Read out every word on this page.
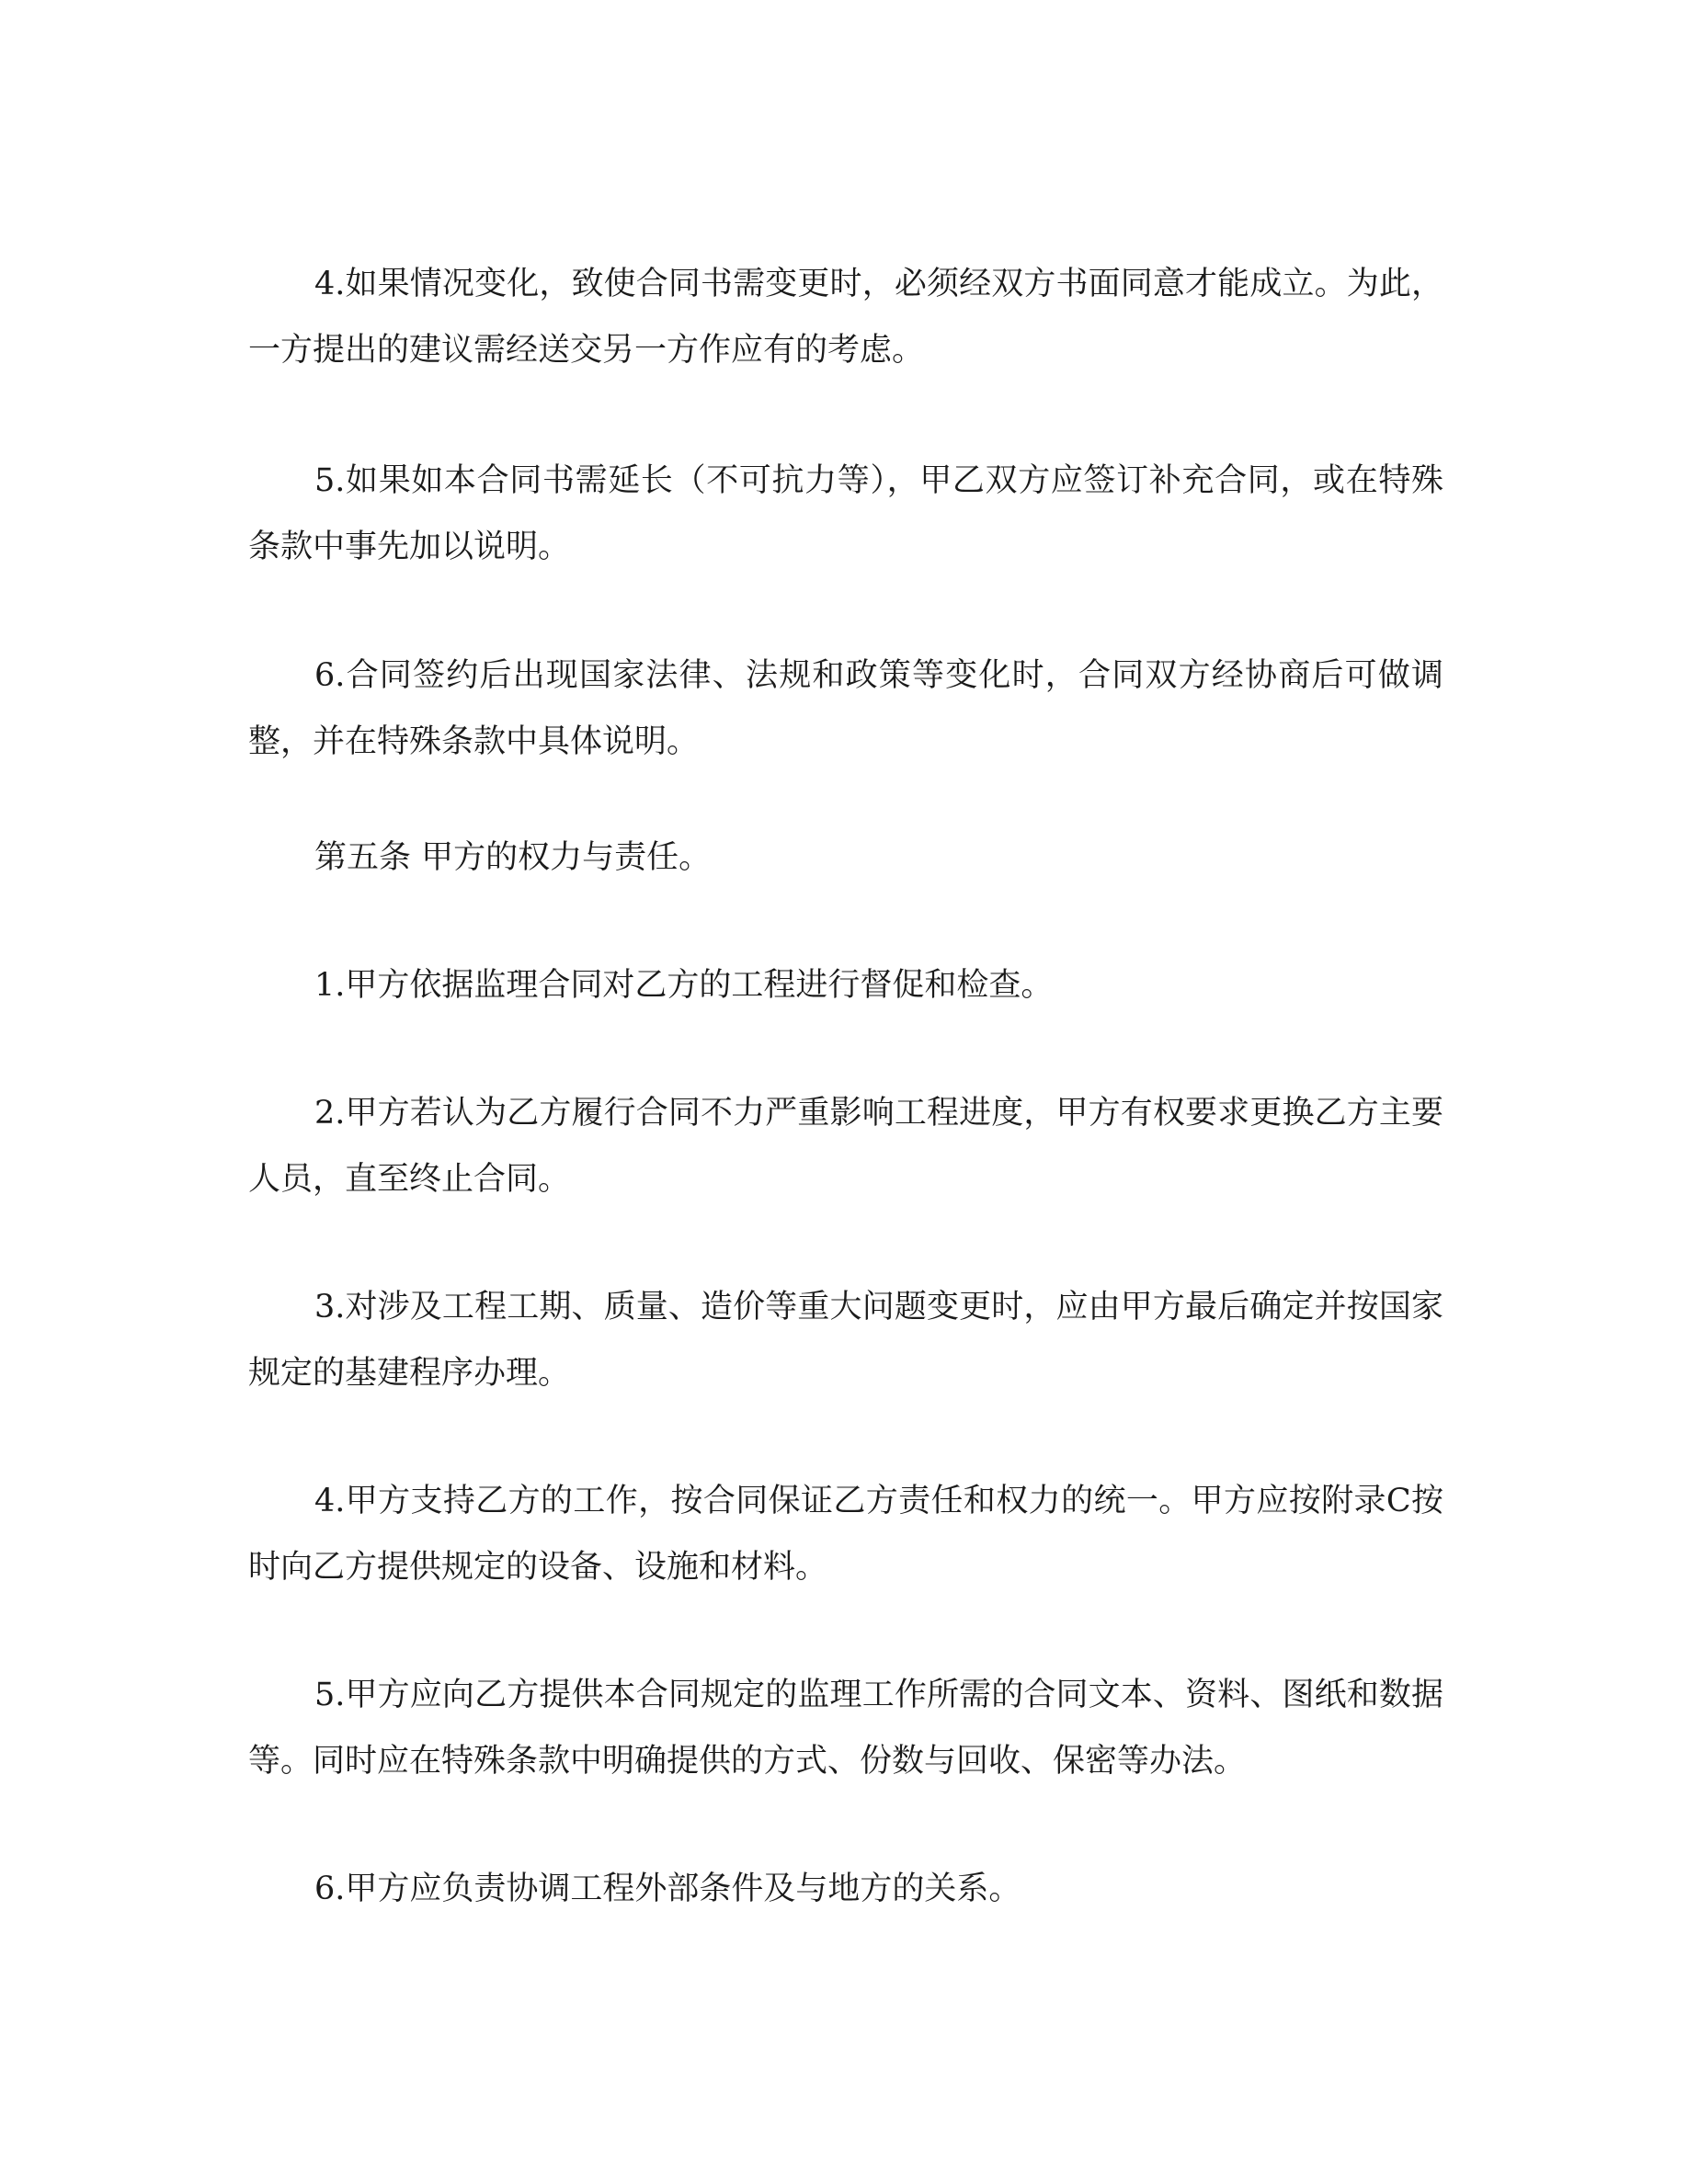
4.如果情况变化，致使合同书需变更时，必须经双方书面同意才能成立。为此，一方提出的建议需经送交另一方作应有的考虑。

5.如果如本合同书需延长（不可抗力等），甲乙双方应签订补充合同，或在特殊条款中事先加以说明。

6.合同签约后出现国家法律、法规和政策等变化时，合同双方经协商后可做调整，并在特殊条款中具体说明。

第五条 甲方的权力与责任。

1.甲方依据监理合同对乙方的工程进行督促和检查。

2.甲方若认为乙方履行合同不力严重影响工程进度，甲方有权要求更换乙方主要人员，直至终止合同。

3.对涉及工程工期、质量、造价等重大问题变更时，应由甲方最后确定并按国家规定的基建程序办理。

4.甲方支持乙方的工作，按合同保证乙方责任和权力的统一。甲方应按附录C按时向乙方提供规定的设备、设施和材料。

5.甲方应向乙方提供本合同规定的监理工作所需的合同文本、资料、图纸和数据等。同时应在特殊条款中明确提供的方式、份数与回收、保密等办法。

6.甲方应负责协调工程外部条件及与地方的关系。
